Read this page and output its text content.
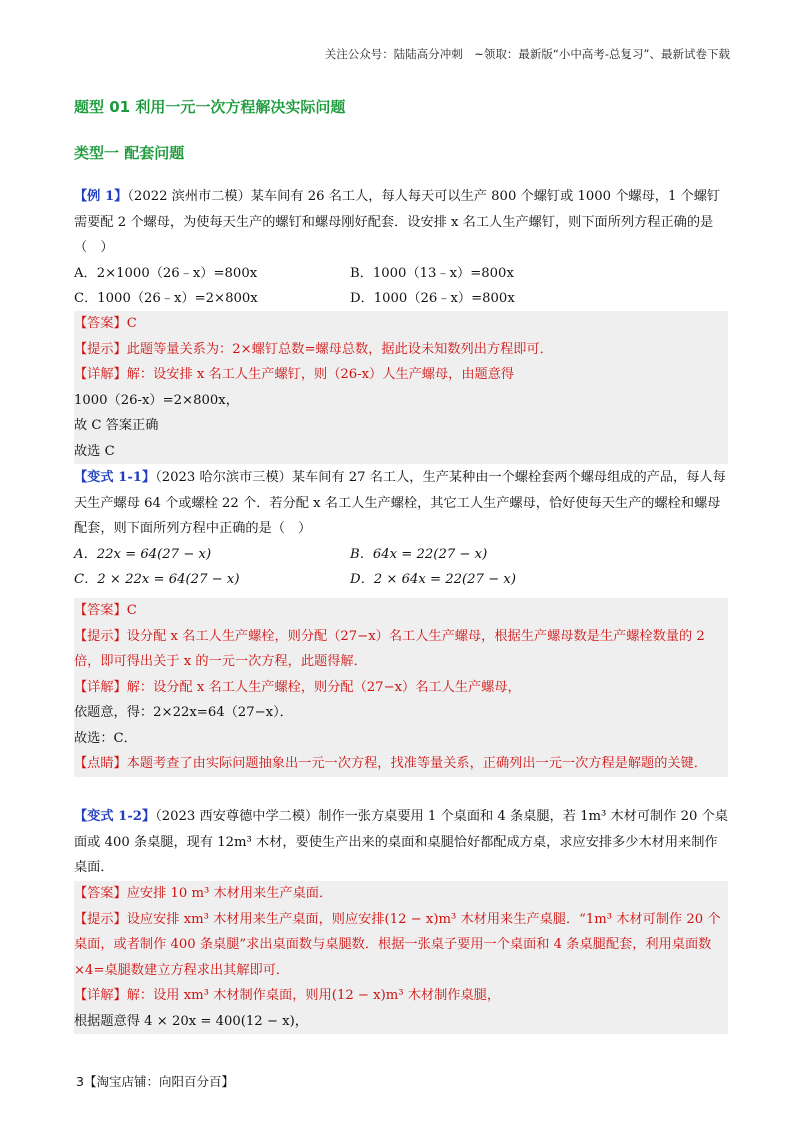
关注公众号：陆陆高分冲刺　~领取：最新版“小中高考-总复习”、最新试卷下载
题型 01 利用一元一次方程解决实际问题
类型一 配套问题
【例 1】（2022 滨州市二模）某车间有 26 名工人，每人每天可以生产 800 个螺钉或 1000 个螺母，1 个螺钉需要配 2 个螺母，为使每天生产的螺钉和螺母刚好配套．设安排 x 名工人生产螺钉，则下面所列方程正确的是（　）
A．2×1000（26﹣x）=800x	B．1000（13﹣x）=800x
C．1000（26﹣x）=2×800x	D．1000（26﹣x）=800x
【答案】C
【提示】此题等量关系为：2×螺钉总数=螺母总数，据此设未知数列出方程即可．
【详解】解：设安排 x 名工人生产螺钉，则（26-x）人生产螺母，由题意得
1000（26-x）=2×800x，
故 C 答案正确
故选 C
【变式 1-1】（2023 哈尔滨市三模）某车间有 27 名工人，生产某种由一个螺栓套两个螺母组成的产品，每人每天生产螺母 64 个或螺栓 22 个．若分配 x 名工人生产螺栓，其它工人生产螺母，恰好使每天生产的螺栓和螺母配套，则下面所列方程中正确的是（　）
A．22x = 64(27 − x)	B．64x = 22(27 − x)
C．2 × 22x = 64(27 − x)	D．2 × 64x = 22(27 − x)
【答案】C
【提示】设分配 x 名工人生产螺栓，则分配（27−x）名工人生产螺母，根据生产螺母数是生产螺栓数量的 2 倍，即可得出关于 x 的一元一次方程，此题得解．
【详解】解：设分配 x 名工人生产螺栓，则分配（27−x）名工人生产螺母，
依题意，得：2×22x=64（27−x）．
故选：C．
【点睛】本题考查了由实际问题抽象出一元一次方程，找准等量关系，正确列出一元一次方程是解题的关键．
【变式 1-2】（2023 西安尊德中学二模）制作一张方桌要用 1 个桌面和 4 条桌腿，若 1m³ 木材可制作 20 个桌面或 400 条桌腿，现有 12m³ 木材，要使生产出来的桌面和桌腿恰好都配成方桌，求应安排多少木材用来制作桌面．
【答案】应安排 10 m³ 木材用来生产桌面．
【提示】设应安排 xm³ 木材用来生产桌面，则应安排(12 − x)m³ 木材用来生产桌腿．“1m³ 木材可制作 20 个桌面，或者制作 400 条桌腿”求出桌面数与桌腿数．根据一张桌子要用一个桌面和 4 条桌腿配套，利用桌面数×4=桌腿数建立方程求出其解即可．
【详解】解：设用 xm³ 木材制作桌面，则用(12 − x)m³ 木材制作桌腿，
根据题意得 4 × 20x = 400(12 − x)，
3【淘宝店铺：向阳百分百】
